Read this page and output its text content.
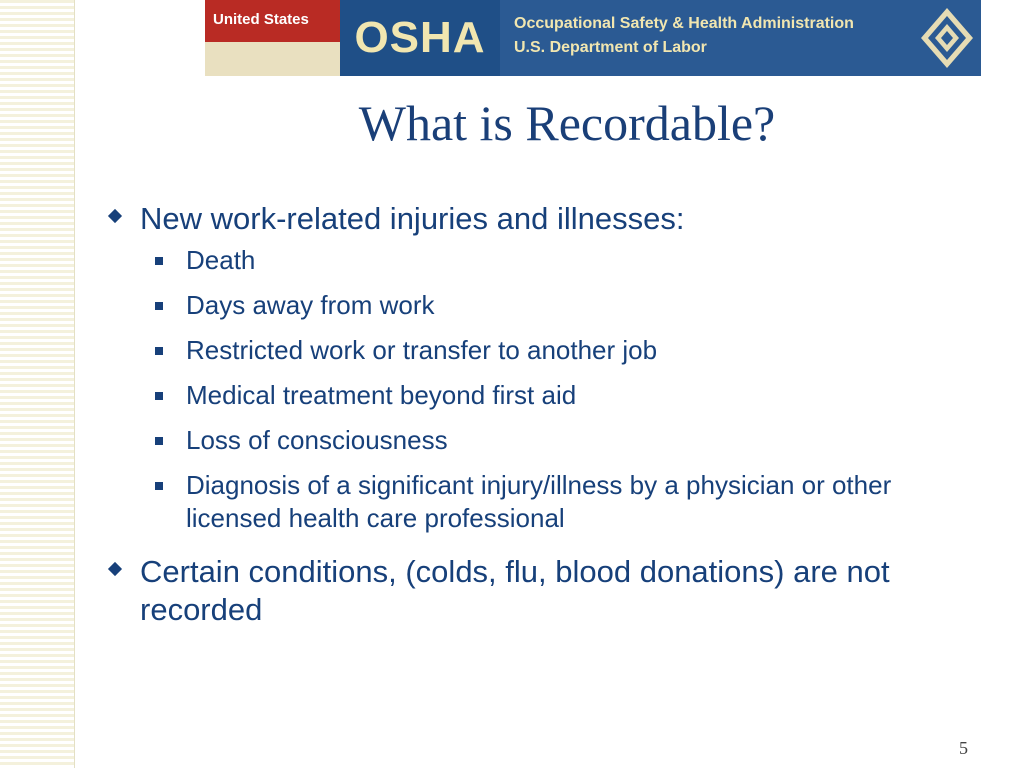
United States OSHA Occupational Safety & Health Administration
U.S. Department of Labor
What is Recordable?
New work-related injuries and illnesses:
Death
Days away from work
Restricted work or transfer to another job
Medical treatment beyond first aid
Loss of consciousness
Diagnosis of a significant injury/illness by a physician or other licensed health care professional
Certain conditions, (colds, flu, blood donations) are not recorded
5
